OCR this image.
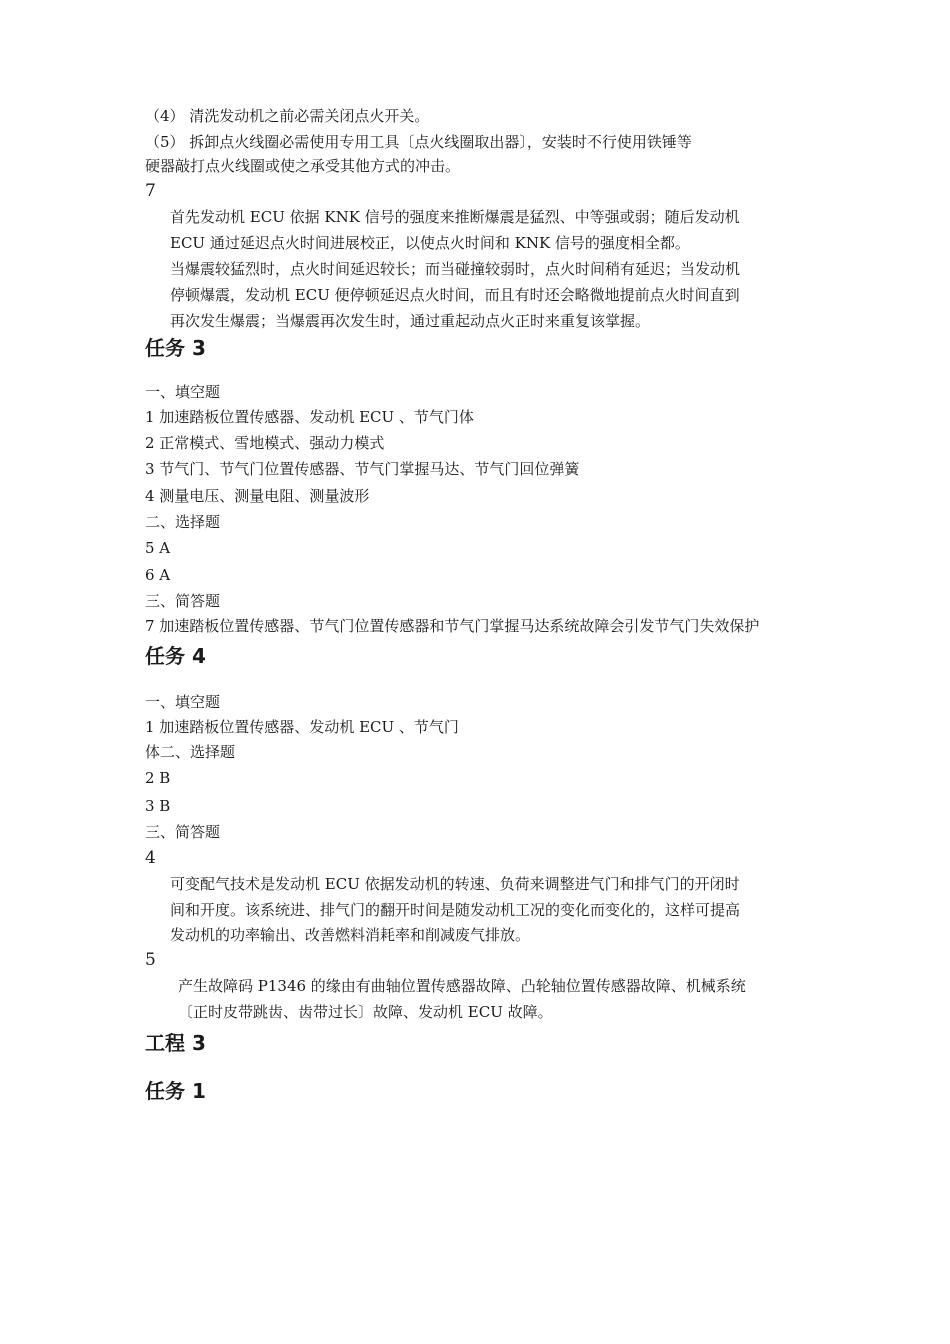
（4） 清洗发动机之前必需关闭点火开关。
（5） 拆卸点火线圈必需使用专用工具〔点火线圈取出器〕，安装时不行使用铁锤等
硬器敲打点火线圈或使之承受其他方式的冲击。
7
首先发动机 ECU 依据 KNK 信号的强度来推断爆震是猛烈、中等强或弱；随后发动机
ECU 通过延迟点火时间进展校正，以使点火时间和 KNK 信号的强度相全都。
当爆震较猛烈时，点火时间延迟较长；而当碰撞较弱时，点火时间稍有延迟；当发动机
停顿爆震，发动机 ECU 便停顿延迟点火时间，而且有时还会略微地提前点火时间直到
再次发生爆震；当爆震再次发生时，通过重起动点火正时来重复该掌握。
任务 3
一、填空题
1 加速踏板位置传感器、发动机 ECU 、节气门体
2 正常模式、雪地模式、强动力模式
3 节气门、节气门位置传感器、节气门掌握马达、节气门回位弹簧
4 测量电压、测量电阻、测量波形
二、选择题
5 A
6 A
三、简答题
7 加速踏板位置传感器、节气门位置传感器和节气门掌握马达系统故障会引发节气门失效保护
任务 4
一、填空题
1 加速踏板位置传感器、发动机 ECU 、节气门
体二、选择题
2 B
3 B
三、简答题
4
可变配气技术是发动机 ECU 依据发动机的转速、负荷来调整进气门和排气门的开闭时
间和开度。该系统进、排气门的翻开时间是随发动机工况的变化而变化的，这样可提高
发动机的功率输出、改善燃料消耗率和削减废气排放。
5
产生故障码 P1346 的缘由有曲轴位置传感器故障、凸轮轴位置传感器故障、机械系统
〔正时皮带跳齿、齿带过长〕故障、发动机 ECU 故障。
工程 3
任务 1
